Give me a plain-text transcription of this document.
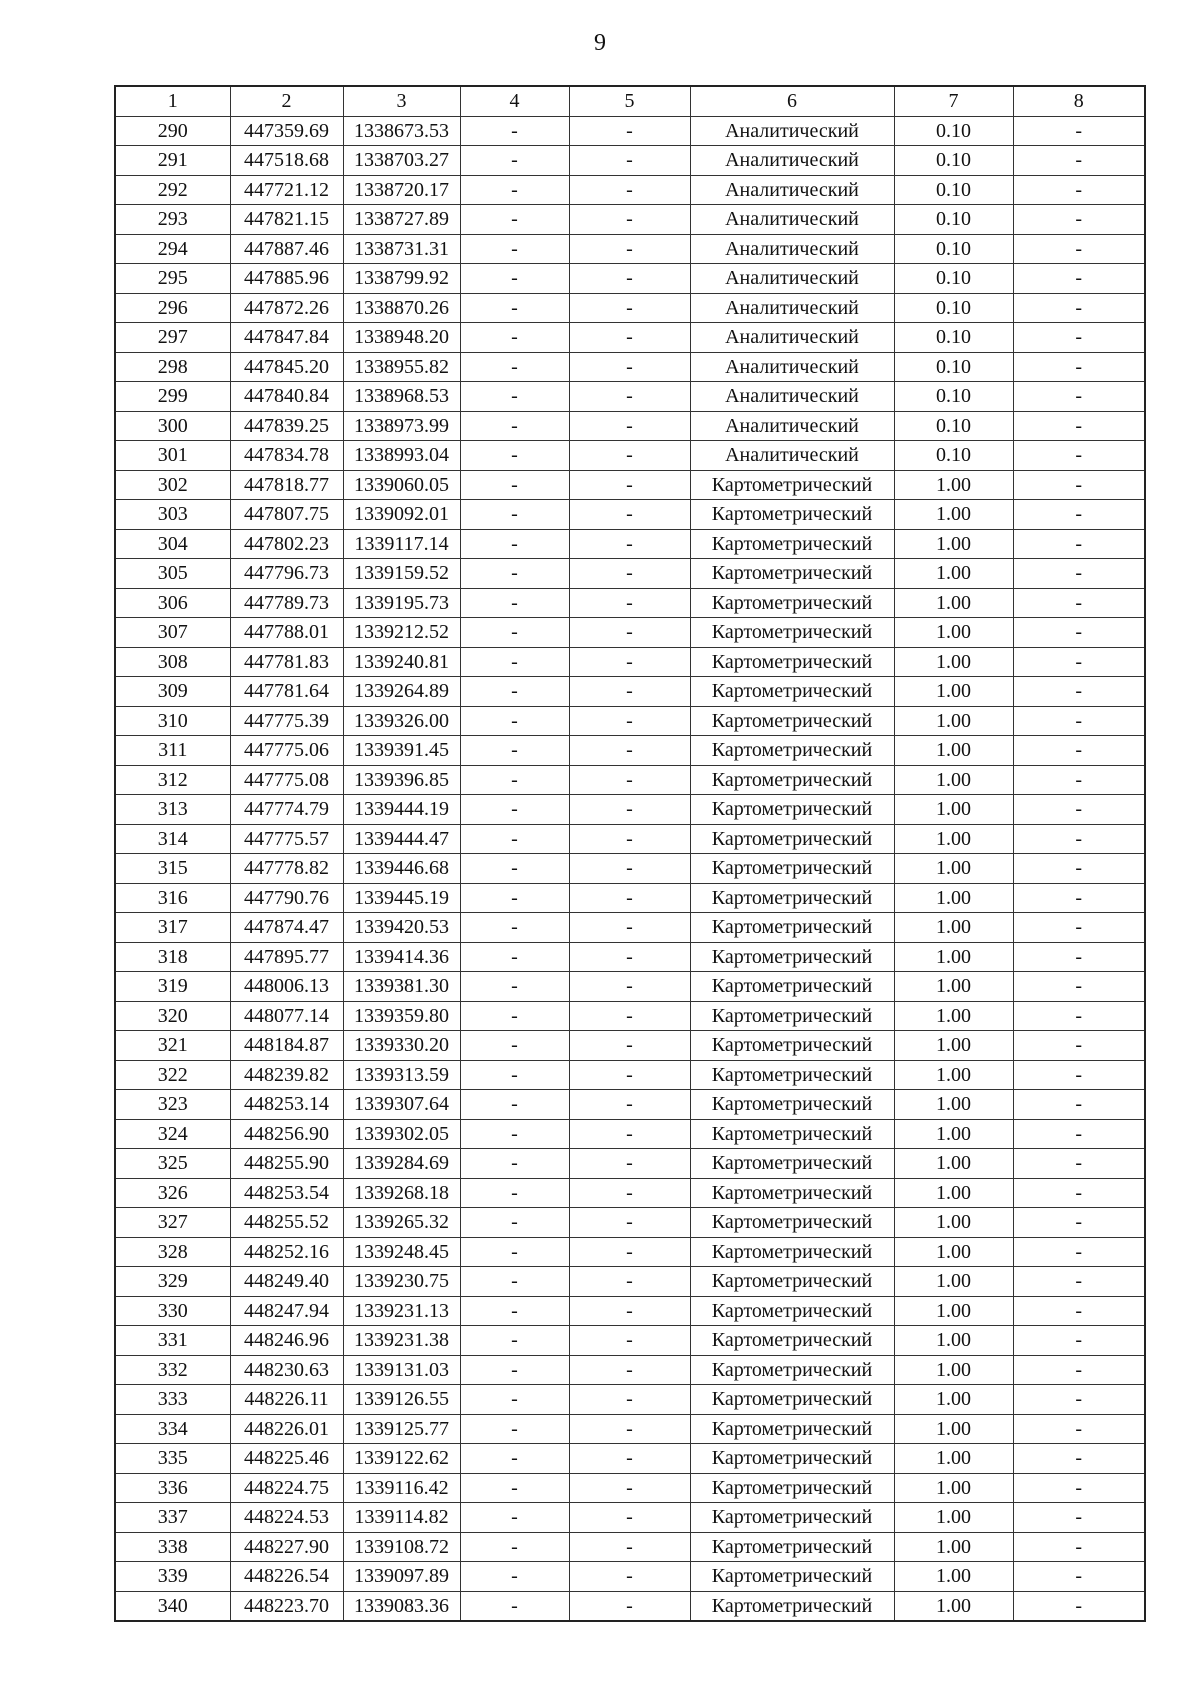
9
1	2	3	4	5	6	7	8
290	447359.69	1338673.53	-	-	Аналитический	0.10	-
291	447518.68	1338703.27	-	-	Аналитический	0.10	-
292	447721.12	1338720.17	-	-	Аналитический	0.10	-
293	447821.15	1338727.89	-	-	Аналитический	0.10	-
294	447887.46	1338731.31	-	-	Аналитический	0.10	-
295	447885.96	1338799.92	-	-	Аналитический	0.10	-
296	447872.26	1338870.26	-	-	Аналитический	0.10	-
297	447847.84	1338948.20	-	-	Аналитический	0.10	-
298	447845.20	1338955.82	-	-	Аналитический	0.10	-
299	447840.84	1338968.53	-	-	Аналитический	0.10	-
300	447839.25	1338973.99	-	-	Аналитический	0.10	-
301	447834.78	1338993.04	-	-	Аналитический	0.10	-
302	447818.77	1339060.05	-	-	Картометрический	1.00	-
303	447807.75	1339092.01	-	-	Картометрический	1.00	-
304	447802.23	1339117.14	-	-	Картометрический	1.00	-
305	447796.73	1339159.52	-	-	Картометрический	1.00	-
306	447789.73	1339195.73	-	-	Картометрический	1.00	-
307	447788.01	1339212.52	-	-	Картометрический	1.00	-
308	447781.83	1339240.81	-	-	Картометрический	1.00	-
309	447781.64	1339264.89	-	-	Картометрический	1.00	-
310	447775.39	1339326.00	-	-	Картометрический	1.00	-
311	447775.06	1339391.45	-	-	Картометрический	1.00	-
312	447775.08	1339396.85	-	-	Картометрический	1.00	-
313	447774.79	1339444.19	-	-	Картометрический	1.00	-
314	447775.57	1339444.47	-	-	Картометрический	1.00	-
315	447778.82	1339446.68	-	-	Картометрический	1.00	-
316	447790.76	1339445.19	-	-	Картометрический	1.00	-
317	447874.47	1339420.53	-	-	Картометрический	1.00	-
318	447895.77	1339414.36	-	-	Картометрический	1.00	-
319	448006.13	1339381.30	-	-	Картометрический	1.00	-
320	448077.14	1339359.80	-	-	Картометрический	1.00	-
321	448184.87	1339330.20	-	-	Картометрический	1.00	-
322	448239.82	1339313.59	-	-	Картометрический	1.00	-
323	448253.14	1339307.64	-	-	Картометрический	1.00	-
324	448256.90	1339302.05	-	-	Картометрический	1.00	-
325	448255.90	1339284.69	-	-	Картометрический	1.00	-
326	448253.54	1339268.18	-	-	Картометрический	1.00	-
327	448255.52	1339265.32	-	-	Картометрический	1.00	-
328	448252.16	1339248.45	-	-	Картометрический	1.00	-
329	448249.40	1339230.75	-	-	Картометрический	1.00	-
330	448247.94	1339231.13	-	-	Картометрический	1.00	-
331	448246.96	1339231.38	-	-	Картометрический	1.00	-
332	448230.63	1339131.03	-	-	Картометрический	1.00	-
333	448226.11	1339126.55	-	-	Картометрический	1.00	-
334	448226.01	1339125.77	-	-	Картометрический	1.00	-
335	448225.46	1339122.62	-	-	Картометрический	1.00	-
336	448224.75	1339116.42	-	-	Картометрический	1.00	-
337	448224.53	1339114.82	-	-	Картометрический	1.00	-
338	448227.90	1339108.72	-	-	Картометрический	1.00	-
339	448226.54	1339097.89	-	-	Картометрический	1.00	-
340	448223.70	1339083.36	-	-	Картометрический	1.00	-
